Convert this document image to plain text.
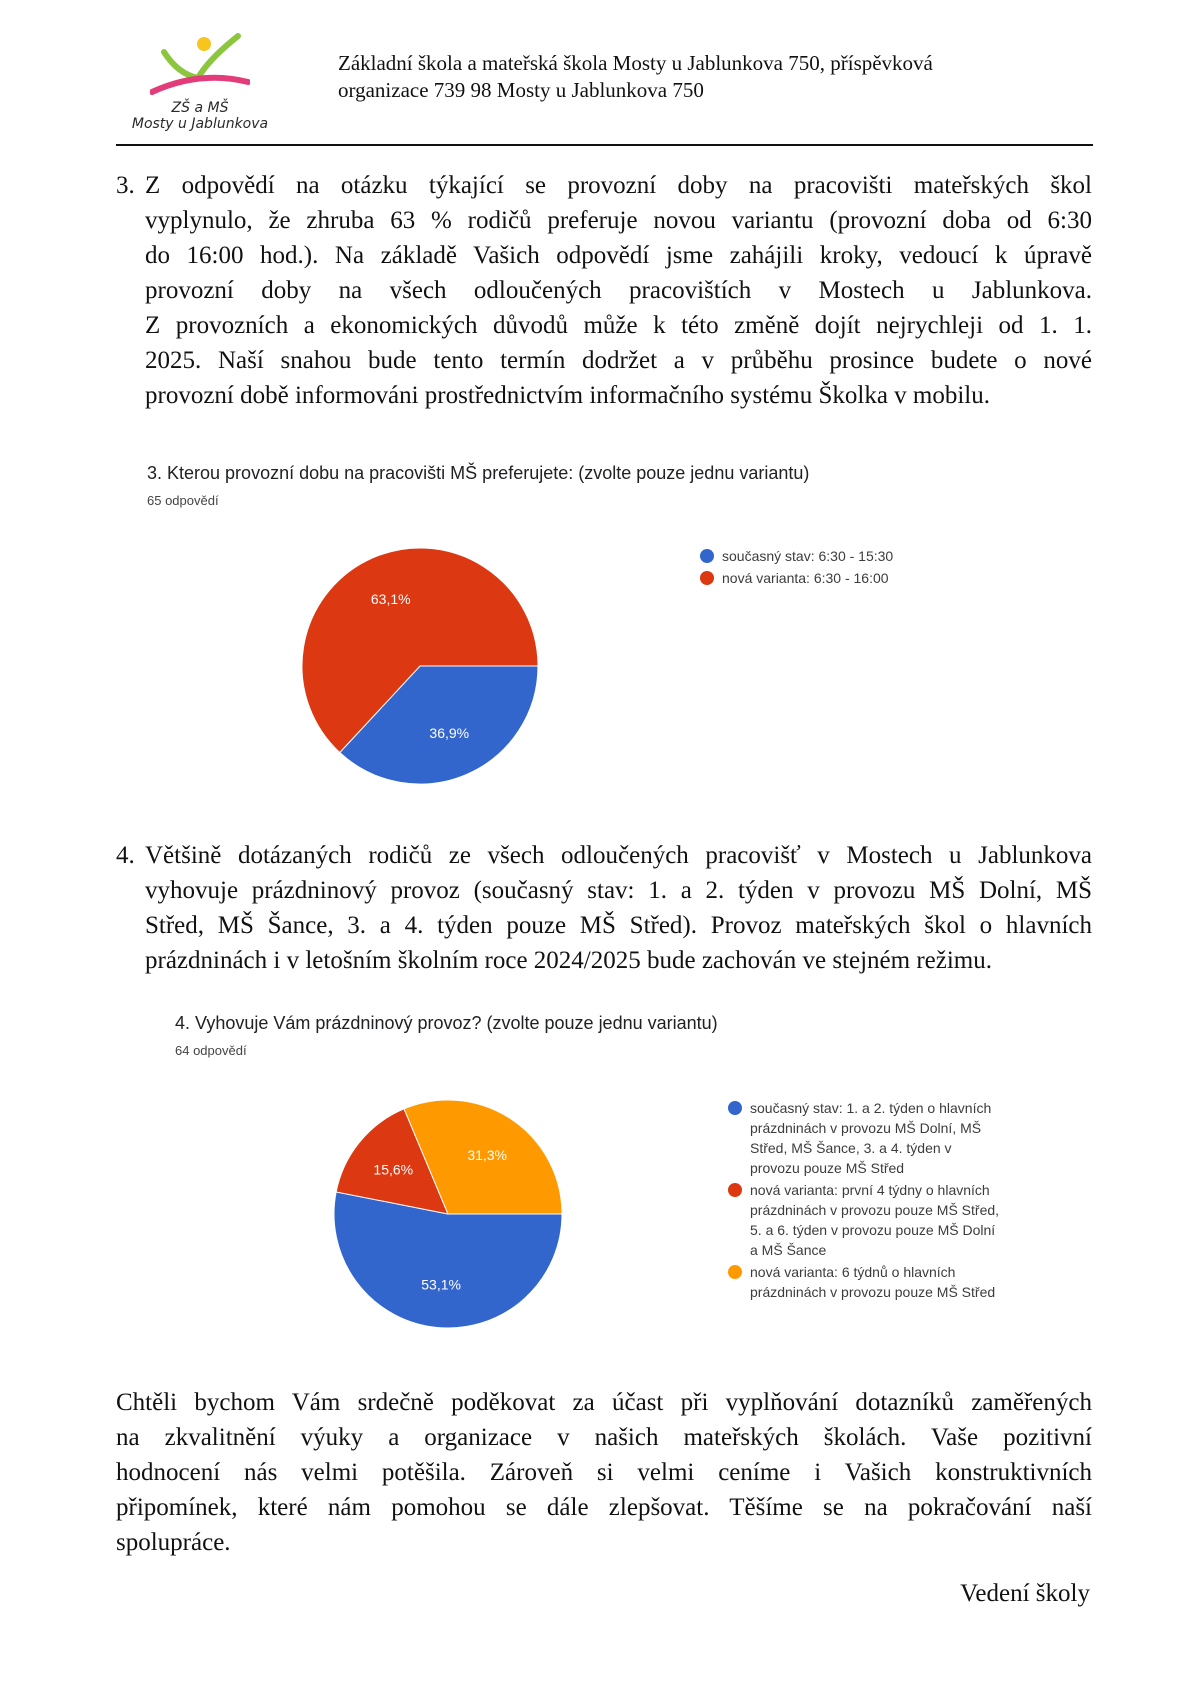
ZŠ a MŠ
Mosty u Jablunkova
Základní škola a mateřská škola Mosty u Jablunkova 750, příspěvková
organizace 739 98 Mosty u Jablunkova 750
3. Z odpovědí na otázku týkající se provozní doby na pracovišti mateřských škol
vyplynulo, že zhruba 63 % rodičů preferuje novou variantu (provozní doba od 6:30
do 16:00 hod.). Na základě Vašich odpovědí jsme zahájili kroky, vedoucí k úpravě
provozní doby na všech odloučených pracovištích v Mostech u Jablunkova.
Z provozních a ekonomických důvodů může k této změně dojít nejrychleji od 1. 1.
2025. Naší snahou bude tento termín dodržet a v průběhu prosince budete o nové
provozní době informováni prostřednictvím informačního systému Školka v mobilu.
3. Kterou provozní dobu na pracovišti MŠ preferujete: (zvolte pouze jednu variantu)
65 odpovědí
36,9%
63,1%
současný stav: 6:30 - 15:30
nová varianta: 6:30 - 16:00
4. Většině dotázaných rodičů ze všech odloučených pracovišť v Mostech u Jablunkova
vyhovuje prázdninový provoz (současný stav: 1. a 2. týden v provozu MŠ Dolní, MŠ
Střed, MŠ Šance, 3. a 4. týden pouze MŠ Střed). Provoz mateřských škol o hlavních
prázdninách i v letošním školním roce 2024/2025 bude zachován ve stejném režimu.
4. Vyhovuje Vám prázdninový provoz? (zvolte pouze jednu variantu)
64 odpovědí
53,1%
15,6%
31,3%
současný stav: 1. a 2. týden o hlavních
prázdninách v provozu MŠ Dolní, MŠ
Střed, MŠ Šance, 3. a 4. týden v
provozu pouze MŠ Střed
nová varianta: první 4 týdny o hlavních
prázdninách v provozu pouze MŠ Střed,
5. a 6. týden v provozu pouze MŠ Dolní
a MŠ Šance
nová varianta: 6 týdnů o hlavních
prázdninách v provozu pouze MŠ Střed
Chtěli bychom Vám srdečně poděkovat za účast při vyplňování dotazníků zaměřených
na zkvalitnění výuky a organizace v našich mateřských školách. Vaše pozitivní
hodnocení nás velmi potěšila. Zároveň si velmi ceníme i Vašich konstruktivních
připomínek, které nám pomohou se dále zlepšovat. Těšíme se na pokračování naší
spolupráce.
Vedení školy
